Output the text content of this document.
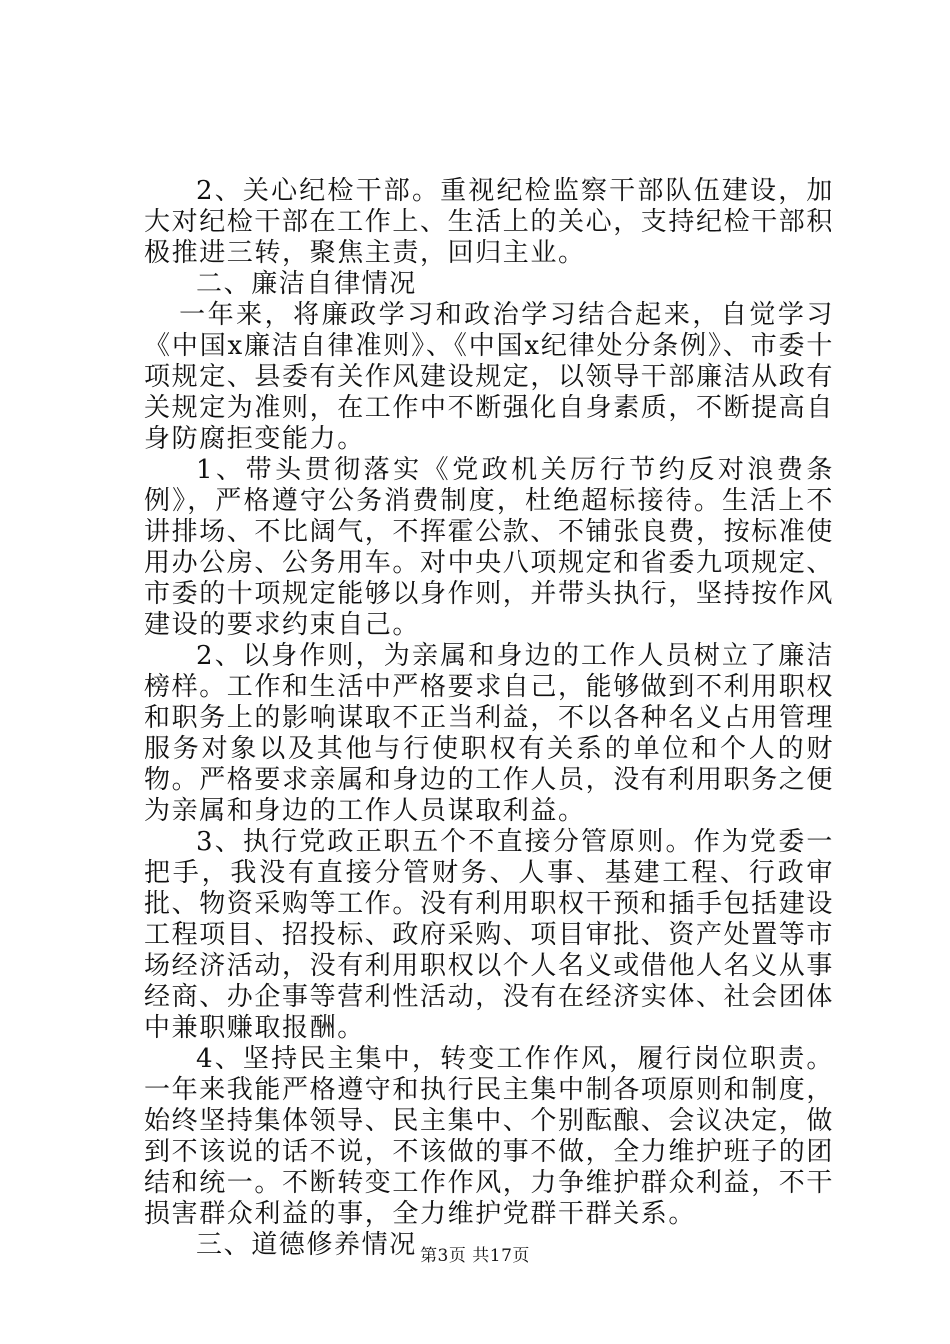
2、关心纪检干部。重视纪检监察干部队伍建设，加大对纪检干部在工作上、生活上的关心，支持纪检干部积极推进三转，聚焦主责，回归主业。

二、廉洁自律情况

一年来，将廉政学习和政治学习结合起来，自觉学习《中国x廉洁自律准则》、《中国x纪律处分条例》、市委十项规定、县委有关作风建设规定，以领导干部廉洁从政有关规定为准则，在工作中不断强化自身素质，不断提高自身防腐拒变能力。

1、带头贯彻落实《党政机关厉行节约反对浪费条例》，严格遵守公务消费制度，杜绝超标接待。生活上不讲排场、不比阔气，不挥霍公款、不铺张良费，按标准使用办公房、公务用车。对中央八项规定和省委九项规定、市委的十项规定能够以身作则，并带头执行，坚持按作风建设的要求约束自己。

2、以身作则，为亲属和身边的工作人员树立了廉洁榜样。工作和生活中严格要求自己，能够做到不利用职权和职务上的影响谋取不正当利益，不以各种名义占用管理服务对象以及其他与行使职权有关系的单位和个人的财物。严格要求亲属和身边的工作人员，没有利用职务之便为亲属和身边的工作人员谋取利益。

3、执行党政正职五个不直接分管原则。作为党委一把手，我没有直接分管财务、人事、基建工程、行政审批、物资采购等工作。没有利用职权干预和插手包括建设工程项目、招投标、政府采购、项目审批、资产处置等市场经济活动，没有利用职权以个人名义或借他人名义从事经商、办企事等营利性活动，没有在经济实体、社会团体中兼职赚取报酬。

4、坚持民主集中，转变工作作风，履行岗位职责。一年来我能严格遵守和执行民主集中制各项原则和制度，始终坚持集体领导、民主集中、个别酝酿、会议决定，做到不该说的话不说，不该做的事不做，全力维护班子的团结和统一。不断转变工作作风，力争维护群众利益，不干损害群众利益的事，全力维护党群干群关系。

三、道德修养情况 第3页 共17页
